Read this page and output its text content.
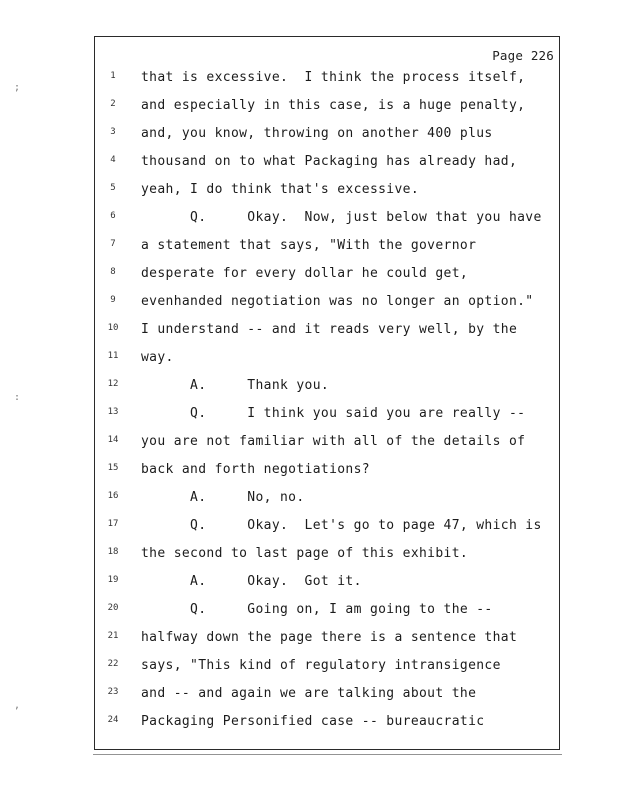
;
:
,
Page 226
1	that is excessive.  I think the process itself,
2	and especially in this case, is a huge penalty,
3	and, you know, throwing on another 400 plus
4	thousand on to what Packaging has already had,
5	yeah, I do think that's excessive.
6	Q.     Okay.  Now, just below that you have
7	a statement that says, "With the governor
8	desperate for every dollar he could get,
9	evenhanded negotiation was no longer an option."
10	I understand -- and it reads very well, by the
11	way.
12	A.     Thank you.
13	Q.     I think you said you are really --
14	you are not familiar with all of the details of
15	back and forth negotiations?
16	A.     No, no.
17	Q.     Okay.  Let's go to page 47, which is
18	the second to last page of this exhibit.
19	A.     Okay.  Got it.
20	Q.     Going on, I am going to the --
21	halfway down the page there is a sentence that
22	says, "This kind of regulatory intransigence
23	and -- and again we are talking about the
24	Packaging Personified case -- bureaucratic
